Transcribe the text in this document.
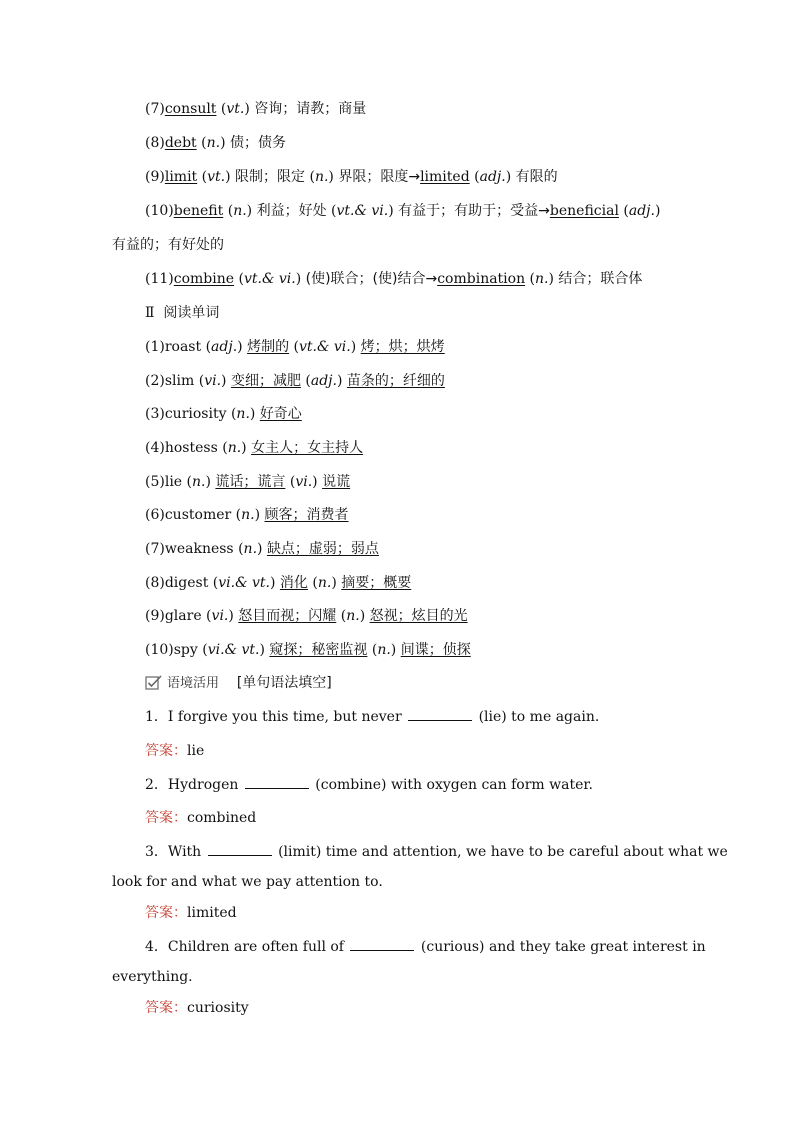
(7)consult (vt.) 咨询；请教；商量
(8)debt (n.) 债；债务
(9)limit (vt.) 限制；限定 (n.) 界限；限度→limited (adj.) 有限的
(10)benefit (n.) 利益；好处 (vt.& vi.) 有益于；有助于；受益→beneficial (adj.)
有益的；有好处的
(11)combine (vt.& vi.) (使)联合；(使)结合→combination (n.) 结合；联合体
Ⅱ 阅读单词
(1)roast (adj.) 烤制的 (vt.& vi.) 烤；烘；烘烤
(2)slim (vi.) 变细；减肥 (adj.) 苗条的；纤细的
(3)curiosity (n.) 好奇心
(4)hostess (n.) 女主人；女主持人
(5)lie (n.) 谎话；谎言 (vi.) 说谎
(6)customer (n.) 顾客；消费者
(7)weakness (n.) 缺点；虚弱；弱点
(8)digest (vi.& vt.) 消化 (n.) 摘要；概要
(9)glare (vi.) 怒目而视；闪耀 (n.) 怒视；炫目的光
(10)spy (vi.& vt.) 窥探；秘密监视 (n.) 间谍；侦探
语境活用 [单句语法填空]
1．I forgive you this time, but never	(lie) to me again.
答案：lie
2．Hydrogen	(combine) with oxygen can form water.
答案：combined
3．With	(limit) time and attention, we have to be careful about what we
look for and what we pay attention to.
答案：limited
4．Children are often full of	(curious) and they take great interest in
everything.
答案：curiosity
